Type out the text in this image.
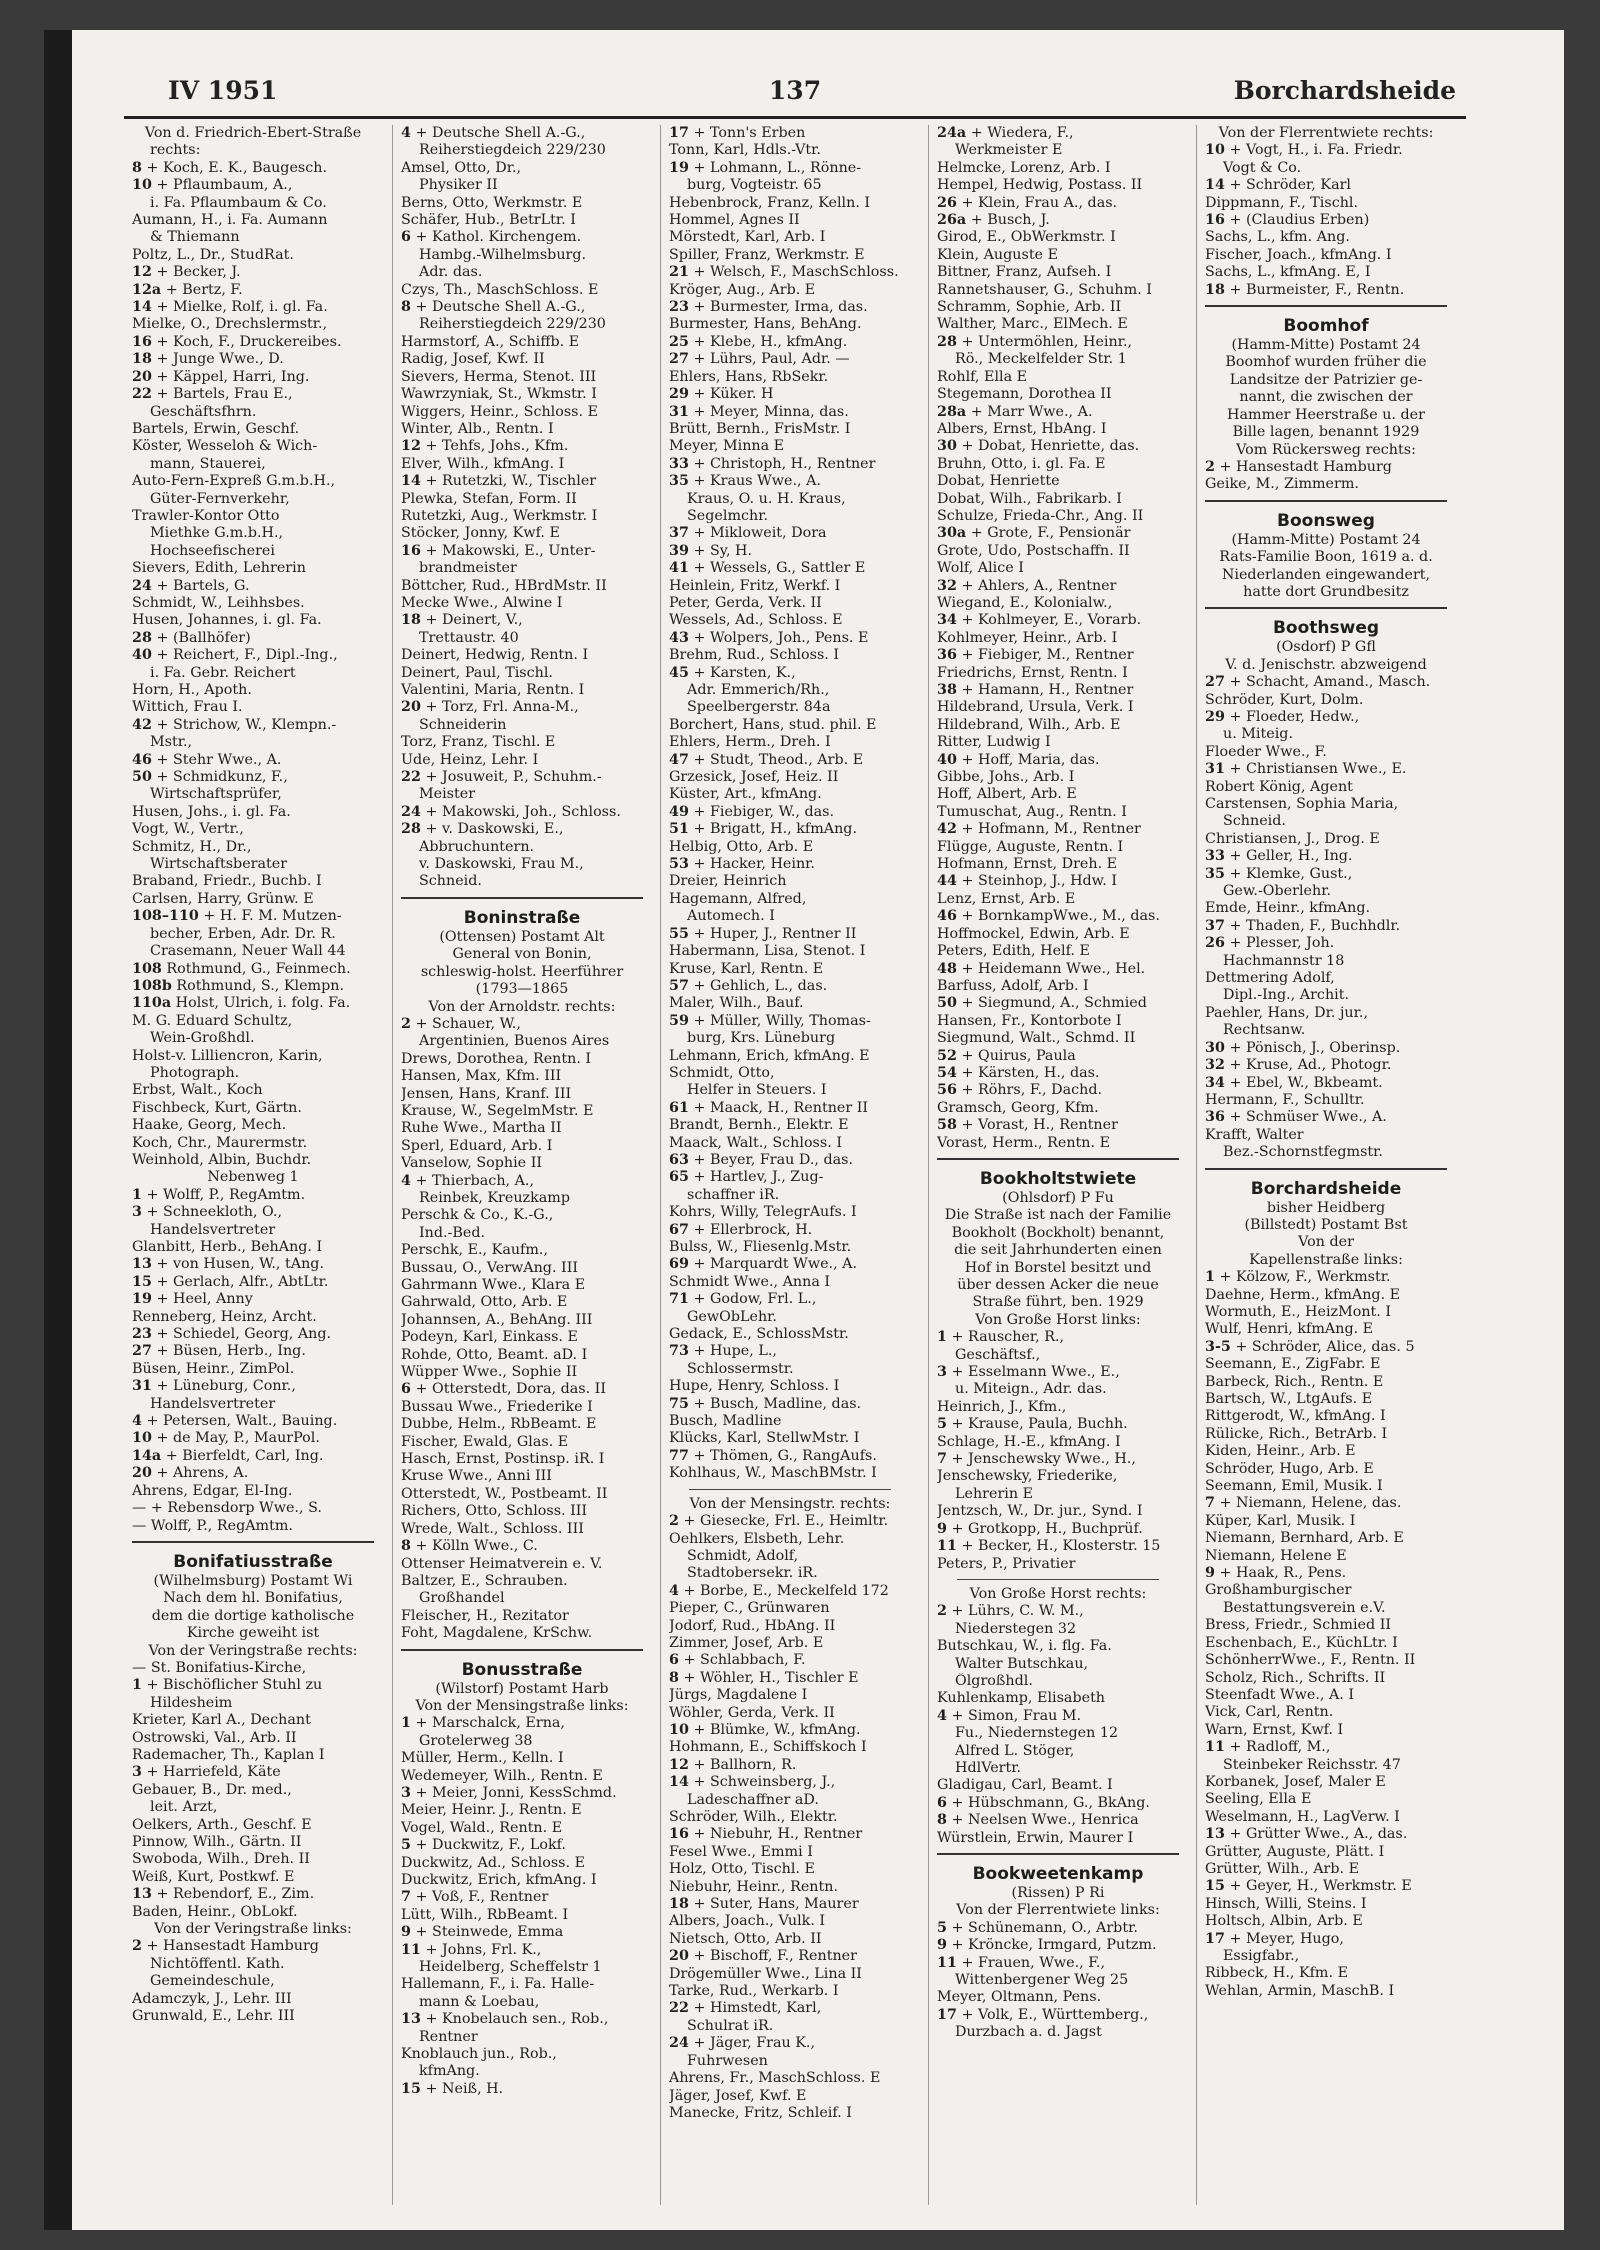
IV 1951	137	Borchardsheide
Von d. Friedrich-Ebert-Straße
rechts:
8 + Koch, E. K., Baugesch.
10 + Pflaumbaum, A.,
i. Fa. Pflaumbaum & Co.
Aumann, H., i. Fa. Aumann
& Thiemann
Poltz, L., Dr., StudRat.
12 + Becker, J.
12a + Bertz, F.
14 + Mielke, Rolf, i. gl. Fa.
Mielke, O., Drechslermstr.,
16 + Koch, F., Druckereibes.
18 + Junge Wwe., D.
20 + Käppel, Harri, Ing.
22 + Bartels, Frau E.,
Geschäftsfhrn.
Bartels, Erwin, Geschf.
Köster, Wesseloh & Wich-
mann, Stauerei,
Auto-Fern-Expreß G.m.b.H.,
Güter-Fernverkehr,
Trawler-Kontor Otto
Miethke G.m.b.H.,
Hochseefischerei
Sievers, Edith, Lehrerin
24 + Bartels, G.
Schmidt, W., Leihhsbes.
Husen, Johannes, i. gl. Fa.
28 + (Ballhöfer)
40 + Reichert, F., Dipl.-Ing.,
i. Fa. Gebr. Reichert
Horn, H., Apoth.
Wittich, Frau I.
42 + Strichow, W., Klempn.-
Mstr.,
46 + Stehr Wwe., A.
50 + Schmidkunz, F.,
Wirtschaftsprüfer,
Husen, Johs., i. gl. Fa.
Vogt, W., Vertr.,
Schmitz, H., Dr.,
Wirtschaftsberater
Braband, Friedr., Buchb. I
Carlsen, Harry, Grünw. E
108–110 + H. F. M. Mutzen-
becher, Erben, Adr. Dr. R.
Crasemann, Neuer Wall 44
108 Rothmund, G., Feinmech.
108b Rothmund, S., Klempn.
110a Holst, Ulrich, i. folg. Fa.
M. G. Eduard Schultz,
Wein-Großhdl.
Holst-v. Lilliencron, Karin,
Photograph.
Erbst, Walt., Koch
Fischbeck, Kurt, Gärtn.
Haake, Georg, Mech.
Koch, Chr., Maurermstr.
Weinhold, Albin, Buchdr.
Nebenweg 1
1 + Wolff, P., RegAmtm.
3 + Schneekloth, O.,
Handelsvertreter
Glanbitt, Herb., BehAng. I
13 + von Husen, W., tAng.
15 + Gerlach, Alfr., AbtLtr.
19 + Heel, Anny
Renneberg, Heinz, Archt.
23 + Schiedel, Georg, Ang.
27 + Büsen, Herb., Ing.
Büsen, Heinr., ZimPol.
31 + Lüneburg, Conr.,
Handelsvertreter
4 + Petersen, Walt., Bauing.
10 + de May, P., MaurPol.
14a + Bierfeldt, Carl, Ing.
20 + Ahrens, A.
Ahrens, Edgar, El-Ing.
— + Rebensdorp Wwe., S.
— Wolff, P., RegAmtm.
Bonifatiusstraße
(Wilhelmsburg) Postamt Wi
Nach dem hl. Bonifatius,
dem die dortige katholische
Kirche geweiht ist
Von der Veringstraße rechts:
— St. Bonifatius-Kirche,
1 + Bischöflicher Stuhl zu
Hildesheim
Krieter, Karl A., Dechant
Ostrowski, Val., Arb. II
Rademacher, Th., Kaplan I
3 + Harriefeld, Käte
Gebauer, B., Dr. med.,
leit. Arzt,
Oelkers, Arth., Geschf. E
Pinnow, Wilh., Gärtn. II
Swoboda, Wilh., Dreh. II
Weiß, Kurt, Postkwf. E
13 + Rebendorf, E., Zim.
Baden, Heinr., ObLokf.
Von der Veringstraße links:
2 + Hansestadt Hamburg
Nichtöffentl. Kath.
Gemeindeschule,
Adamczyk, J., Lehr. III
Grunwald, E., Lehr. III
4 + Deutsche Shell A.-G.,
Reiherstiegdeich 229/230
Amsel, Otto, Dr.,
Physiker II
Berns, Otto, Werkmstr. E
Schäfer, Hub., BetrLtr. I
6 + Kathol. Kirchengem.
Hambg.-Wilhelmsburg.
Adr. das.
Czys, Th., MaschSchloss. E
8 + Deutsche Shell A.-G.,
Reiherstiegdeich 229/230
Harmstorf, A., Schiffb. E
Radig, Josef, Kwf. II
Sievers, Herma, Stenot. III
Wawrzyniak, St., Wkmstr. I
Wiggers, Heinr., Schloss. E
Winter, Alb., Rentn. I
12 + Tehfs, Johs., Kfm.
Elver, Wilh., kfmAng. I
14 + Rutetzki, W., Tischler
Plewka, Stefan, Form. II
Rutetzki, Aug., Werkmstr. I
Stöcker, Jonny, Kwf. E
16 + Makowski, E., Unter-
brandmeister
Böttcher, Rud., HBrdMstr. II
Mecke Wwe., Alwine I
18 + Deinert, V.,
Trettaustr. 40
Deinert, Hedwig, Rentn. I
Deinert, Paul, Tischl.
Valentini, Maria, Rentn. I
20 + Torz, Frl. Anna-M.,
Schneiderin
Torz, Franz, Tischl. E
Ude, Heinz, Lehr. I
22 + Josuweit, P., Schuhm.-
Meister
24 + Makowski, Joh., Schloss.
28 + v. Daskowski, E.,
Abbruchuntern.
v. Daskowski, Frau M.,
Schneid.
Boninstraße
(Ottensen) Postamt Alt
General von Bonin,
schleswig-holst. Heerführer
(1793—1865
Von der Arnoldstr. rechts:
2 + Schauer, W.,
Argentinien, Buenos Aires
Drews, Dorothea, Rentn. I
Hansen, Max, Kfm. III
Jensen, Hans, Kranf. III
Krause, W., SegelmMstr. E
Ruhe Wwe., Martha II
Sperl, Eduard, Arb. I
Vanselow, Sophie II
4 + Thierbach, A.,
Reinbek, Kreuzkamp
Perschk & Co., K.-G.,
Ind.-Bed.
Perschk, E., Kaufm.,
Bussau, O., VerwAng. III
Gahrmann Wwe., Klara E
Gahrwald, Otto, Arb. E
Johannsen, A., BehAng. III
Podeyn, Karl, Einkass. E
Rohde, Otto, Beamt. aD. I
Wüpper Wwe., Sophie II
6 + Otterstedt, Dora, das. II
Bussau Wwe., Friederike I
Dubbe, Helm., RbBeamt. E
Fischer, Ewald, Glas. E
Hasch, Ernst, Postinsp. iR. I
Kruse Wwe., Anni III
Otterstedt, W., Postbeamt. II
Richers, Otto, Schloss. III
Wrede, Walt., Schloss. III
8 + Kölln Wwe., C.
Ottenser Heimatverein e. V.
Baltzer, E., Schrauben.
Großhandel
Fleischer, H., Rezitator
Foht, Magdalene, KrSchw.
Bonusstraße
(Wilstorf) Postamt Harb
Von der Mensingstraße links:
1 + Marschalck, Erna,
Grotelerweg 38
Müller, Herm., Kelln. I
Wedemeyer, Wilh., Rentn. E
3 + Meier, Jonni, KessSchmd.
Meier, Heinr. J., Rentn. E
Vogel, Wald., Rentn. E
5 + Duckwitz, F., Lokf.
Duckwitz, Ad., Schloss. E
Duckwitz, Erich, kfmAng. I
7 + Voß, F., Rentner
Lütt, Wilh., RbBeamt. I
9 + Steinwede, Emma
11 + Johns, Frl. K.,
Heidelberg, Scheffelstr 1
Hallemann, F., i. Fa. Halle-
mann & Loebau,
13 + Knobelauch sen., Rob.,
Rentner
Knoblauch jun., Rob.,
kfmAng.
15 + Neiß, H.
17 + Tonn's Erben
Tonn, Karl, Hdls.-Vtr.
19 + Lohmann, L., Rönne-
burg, Vogteistr. 65
Hebenbrock, Franz, Kelln. I
Hommel, Agnes II
Mörstedt, Karl, Arb. I
Spiller, Franz, Werkmstr. E
21 + Welsch, F., MaschSchloss.
Kröger, Aug., Arb. E
23 + Burmester, Irma, das.
Burmester, Hans, BehAng.
25 + Klebe, H., kfmAng.
27 + Lührs, Paul, Adr. —
Ehlers, Hans, RbSekr.
29 + Küker. H
31 + Meyer, Minna, das.
Brütt, Bernh., FrisMstr. I
Meyer, Minna E
33 + Christoph, H., Rentner
35 + Kraus Wwe., A.
Kraus, O. u. H. Kraus,
Segelmchr.
37 + Mikloweit, Dora
39 + Sy, H.
41 + Wessels, G., Sattler E
Heinlein, Fritz, Werkf. I
Peter, Gerda, Verk. II
Wessels, Ad., Schloss. E
43 + Wolpers, Joh., Pens. E
Brehm, Rud., Schloss. I
45 + Karsten, K.,
Adr. Emmerich/Rh.,
Speelbergerstr. 84a
Borchert, Hans, stud. phil. E
Ehlers, Herm., Dreh. I
47 + Studt, Theod., Arb. E
Grzesick, Josef, Heiz. II
Küster, Art., kfmAng.
49 + Fiebiger, W., das.
51 + Brigatt, H., kfmAng.
Helbig, Otto, Arb. E
53 + Hacker, Heinr.
Dreier, Heinrich
Hagemann, Alfred,
Automech. I
55 + Huper, J., Rentner II
Habermann, Lisa, Stenot. I
Kruse, Karl, Rentn. E
57 + Gehlich, L., das.
Maler, Wilh., Bauf.
59 + Müller, Willy, Thomas-
burg, Krs. Lüneburg
Lehmann, Erich, kfmAng. E
Schmidt, Otto,
Helfer in Steuers. I
61 + Maack, H., Rentner II
Brandt, Bernh., Elektr. E
Maack, Walt., Schloss. I
63 + Beyer, Frau D., das.
65 + Hartlev, J., Zug-
schaffner iR.
Kohrs, Willy, TelegrAufs. I
67 + Ellerbrock, H.
Bulss, W., Fliesenlg.Mstr.
69 + Marquardt Wwe., A.
Schmidt Wwe., Anna I
71 + Godow, Frl. L.,
GewObLehr.
Gedack, E., SchlossMstr.
73 + Hupe, L.,
Schlossermstr.
Hupe, Henry, Schloss. I
75 + Busch, Madline, das.
Busch, Madline
Klücks, Karl, StellwMstr. I
77 + Thömen, G., RangAufs.
Kohlhaus, W., MaschBMstr. I
Von der Mensingstr. rechts:
2 + Giesecke, Frl. E., Heimltr.
Oehlkers, Elsbeth, Lehr.
Schmidt, Adolf,
Stadtobersekr. iR.
4 + Borbe, E., Meckelfeld 172
Pieper, C., Grünwaren
Jodorf, Rud., HbAng. II
Zimmer, Josef, Arb. E
6 + Schlabbach, F.
8 + Wöhler, H., Tischler E
Jürgs, Magdalene I
Wöhler, Gerda, Verk. II
10 + Blümke, W., kfmAng.
Hohmann, E., Schiffskoch I
12 + Ballhorn, R.
14 + Schweinsberg, J.,
Ladeschaffner aD.
Schröder, Wilh., Elektr.
16 + Niebuhr, H., Rentner
Fesel Wwe., Emmi I
Holz, Otto, Tischl. E
Niebuhr, Heinr., Rentn.
18 + Suter, Hans, Maurer
Albers, Joach., Vulk. I
Nietsch, Otto, Arb. II
20 + Bischoff, F., Rentner
Drögemüller Wwe., Lina II
Tarke, Rud., Werkarb. I
22 + Himstedt, Karl,
Schulrat iR.
24 + Jäger, Frau K.,
Fuhrwesen
Ahrens, Fr., MaschSchloss. E
Jäger, Josef, Kwf. E
Manecke, Fritz, Schleif. I
24a + Wiedera, F.,
Werkmeister E
Helmcke, Lorenz, Arb. I
Hempel, Hedwig, Postass. II
26 + Klein, Frau A., das.
26a + Busch, J.
Girod, E., ObWerkmstr. I
Klein, Auguste E
Bittner, Franz, Aufseh. I
Rannetshauser, G., Schuhm. I
Schramm, Sophie, Arb. II
Walther, Marc., ElMech. E
28 + Untermöhlen, Heinr.,
Rö., Meckelfelder Str. 1
Rohlf, Ella E
Stegemann, Dorothea II
28a + Marr Wwe., A.
Albers, Ernst, HbAng. I
30 + Dobat, Henriette, das.
Bruhn, Otto, i. gl. Fa. E
Dobat, Henriette
Dobat, Wilh., Fabrikarb. I
Schulze, Frieda-Chr., Ang. II
30a + Grote, F., Pensionär
Grote, Udo, Postschaffn. II
Wolf, Alice I
32 + Ahlers, A., Rentner
Wiegand, E., Kolonialw.,
34 + Kohlmeyer, E., Vorarb.
Kohlmeyer, Heinr., Arb. I
36 + Fiebiger, M., Rentner
Friedrichs, Ernst, Rentn. I
38 + Hamann, H., Rentner
Hildebrand, Ursula, Verk. I
Hildebrand, Wilh., Arb. E
Ritter, Ludwig I
40 + Hoff, Maria, das.
Gibbe, Johs., Arb. I
Hoff, Albert, Arb. E
Tumuschat, Aug., Rentn. I
42 + Hofmann, M., Rentner
Flügge, Auguste, Rentn. I
Hofmann, Ernst, Dreh. E
44 + Steinhop, J., Hdw. I
Lenz, Ernst, Arb. E
46 + BornkampWwe., M., das.
Hoffmockel, Edwin, Arb. E
Peters, Edith, Helf. E
48 + Heidemann Wwe., Hel.
Barfuss, Adolf, Arb. I
50 + Siegmund, A., Schmied
Hansen, Fr., Kontorbote I
Siegmund, Walt., Schmd. II
52 + Quirus, Paula
54 + Kärsten, H., das.
56 + Röhrs, F., Dachd.
Gramsch, Georg, Kfm.
58 + Vorast, H., Rentner
Vorast, Herm., Rentn. E
Bookholtstwiete
(Ohlsdorf) P Fu
Die Straße ist nach der Familie
Bookholt (Bockholt) benannt,
die seit Jahrhunderten einen
Hof in Borstel besitzt und
über dessen Acker die neue
Straße führt, ben. 1929
Von Große Horst links:
1 + Rauscher, R.,
Geschäftsf.,
3 + Esselmann Wwe., E.,
u. Miteign., Adr. das.
Heinrich, J., Kfm.,
5 + Krause, Paula, Buchh.
Schlage, H.-E., kfmAng. I
7 + Jenschewsky Wwe., H.,
Jenschewsky, Friederike,
Lehrerin E
Jentzsch, W., Dr. jur., Synd. I
9 + Grotkopp, H., Buchprüf.
11 + Becker, H., Klosterstr. 15
Peters, P., Privatier
Von Große Horst rechts:
2 + Lührs, C. W. M.,
Niederstegen 32
Butschkau, W., i. flg. Fa.
Walter Butschkau,
Ölgroßhdl.
Kuhlenkamp, Elisabeth
4 + Simon, Frau M.
Fu., Niedernstegen 12
Alfred L. Stöger,
HdlVertr.
Gladigau, Carl, Beamt. I
6 + Hübschmann, G., BkAng.
8 + Neelsen Wwe., Henrica
Würstlein, Erwin, Maurer I
Bookweetenkamp
(Rissen) P Ri
Von der Flerrentwiete links:
5 + Schünemann, O., Arbtr.
9 + Kröncke, Irmgard, Putzm.
11 + Frauen, Wwe., F.,
Wittenbergener Weg 25
Meyer, Oltmann, Pens.
17 + Volk, E., Württemberg.,
Durzbach a. d. Jagst
Von der Flerrentwiete rechts:
10 + Vogt, H., i. Fa. Friedr.
Vogt & Co.
14 + Schröder, Karl
Dippmann, F., Tischl.
16 + (Claudius Erben)
Sachs, L., kfm. Ang.
Fischer, Joach., kfmAng. I
Sachs, L., kfmAng. E, I
18 + Burmeister, F., Rentn.
Boomhof
(Hamm-Mitte) Postamt 24
Boomhof wurden früher die
Landsitze der Patrizier ge-
nannt, die zwischen der
Hammer Heerstraße u. der
Bille lagen, benannt 1929
Vom Rückersweg rechts:
2 + Hansestadt Hamburg
Geike, M., Zimmerm.
Boonsweg
(Hamm-Mitte) Postamt 24
Rats-Familie Boon, 1619 a. d.
Niederlanden eingewandert,
hatte dort Grundbesitz
Boothsweg
(Osdorf) P Gfl
V. d. Jenischstr. abzweigend
27 + Schacht, Amand., Masch.
Schröder, Kurt, Dolm.
29 + Floeder, Hedw.,
u. Miteig.
Floeder Wwe., F.
31 + Christiansen Wwe., E.
Robert König, Agent
Carstensen, Sophia Maria,
Schneid.
Christiansen, J., Drog. E
33 + Geller, H., Ing.
35 + Klemke, Gust.,
Gew.-Oberlehr.
Emde, Heinr., kfmAng.
37 + Thaden, F., Buchhdlr.
26 + Plesser, Joh.
Hachmannstr 18
Dettmering Adolf,
Dipl.-Ing., Archit.
Paehler, Hans, Dr. jur.,
Rechtsanw.
30 + Pönisch, J., Oberinsp.
32 + Kruse, Ad., Photogr.
34 + Ebel, W., Bkbeamt.
Hermann, F., Schulltr.
36 + Schmüser Wwe., A.
Krafft, Walter
Bez.-Schornstfegmstr.
Borchardsheide
bisher Heidberg
(Billstedt) Postamt Bst
Von der
Kapellenstraße links:
1 + Kölzow, F., Werkmstr.
Daehne, Herm., kfmAng. E
Wormuth, E., HeizMont. I
Wulf, Henri, kfmAng. E
3-5 + Schröder, Alice, das. 5
Seemann, E., ZigFabr. E
Barbeck, Rich., Rentn. E
Bartsch, W., LtgAufs. E
Rittgerodt, W., kfmAng. I
Rülicke, Rich., BetrArb. I
Kiden, Heinr., Arb. E
Schröder, Hugo, Arb. E
Seemann, Emil, Musik. I
7 + Niemann, Helene, das.
Küper, Karl, Musik. I
Niemann, Bernhard, Arb. E
Niemann, Helene E
9 + Haak, R., Pens.
Großhamburgischer
Bestattungsverein e.V.
Bress, Friedr., Schmied II
Eschenbach, E., KüchLtr. I
SchönherrWwe., F., Rentn. II
Scholz, Rich., Schrifts. II
Steenfadt Wwe., A. I
Vick, Carl, Rentn.
Warn, Ernst, Kwf. I
11 + Radloff, M.,
Steinbeker Reichsstr. 47
Korbanek, Josef, Maler E
Seeling, Ella E
Weselmann, H., LagVerw. I
13 + Grütter Wwe., A., das.
Grütter, Auguste, Plätt. I
Grütter, Wilh., Arb. E
15 + Geyer, H., Werkmstr. E
Hinsch, Willi, Steins. I
Holtsch, Albin, Arb. E
17 + Meyer, Hugo,
Essigfabr.,
Ribbeck, H., Kfm. E
Wehlan, Armin, MaschB. I
